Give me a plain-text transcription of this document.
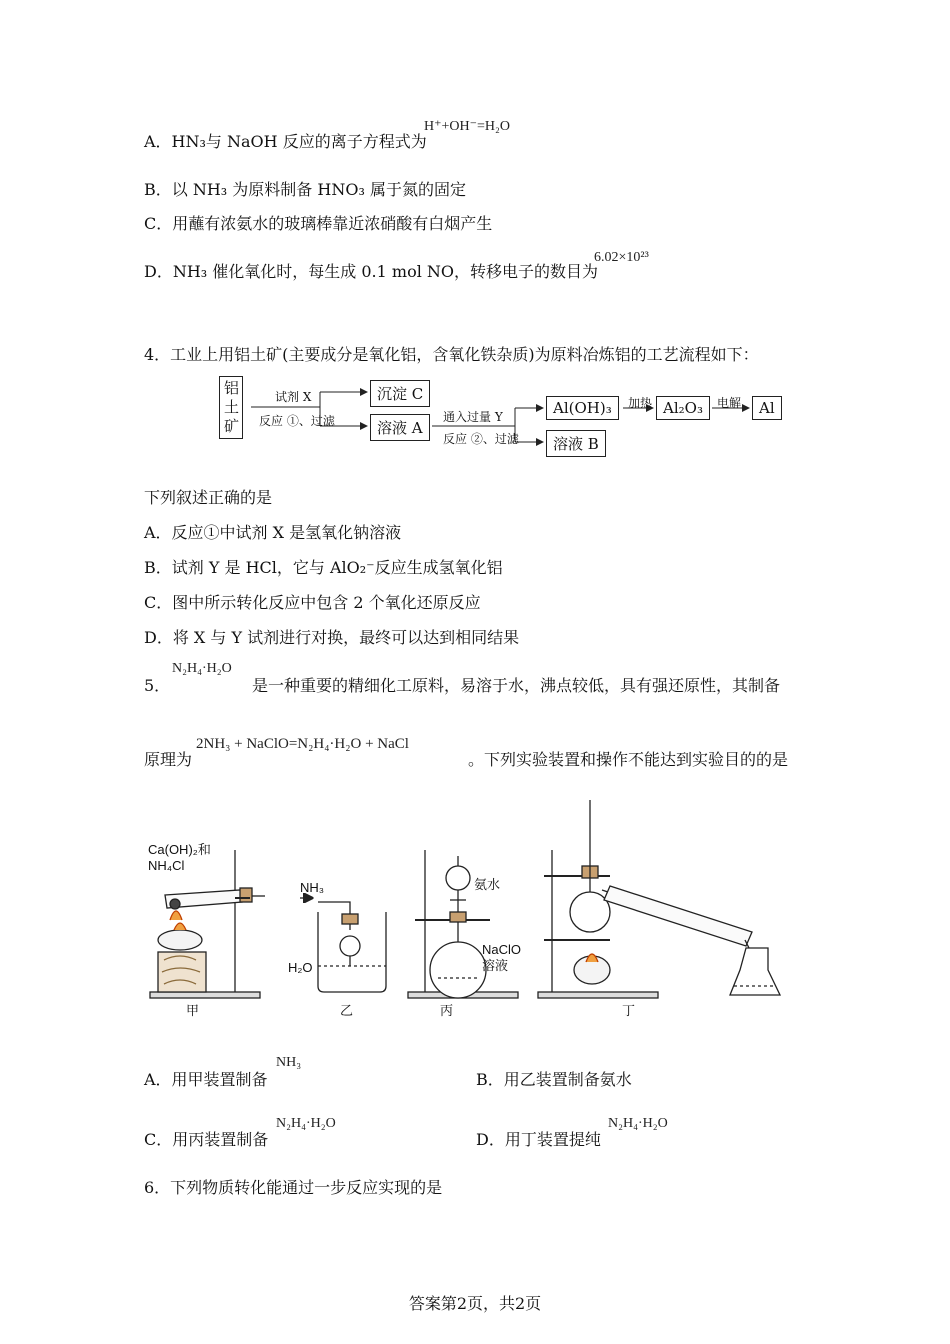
A．HN₃与 NaOH 反应的离子方程式为
H⁺+OH⁻=H₂O
B．以 NH₃ 为原料制备 HNO₃ 属于氮的固定
C．用蘸有浓氨水的玻璃棒靠近浓硝酸有白烟产生
D．NH₃ 催化氧化时，每生成 0.1 mol NO，转移电子的数目为
6.02×10²³
4．工业上用铝土矿(主要成分是氧化铝，含氧化铁杂质)为原料冶炼铝的工艺流程如下：
铝土矿
试剂 X
反应 ①、过滤
沉淀 C
溶液 A
通入过量 Y
反应 ②、过滤
Al(OH)₃
溶液 B
加热 Al₂O₃	电解	Al
下列叙述正确的是
A．反应①中试剂 X 是氢氧化钠溶液
B．试剂 Y 是 HCl，它与 AlO₂⁻反应生成氢氧化铝
C．图中所示转化反应中包含 2 个氧化还原反应
D．将 X 与 Y 试剂进行对换，最终可以达到相同结果
5．
N₂H₄·H₂O
是一种重要的精细化工原料，易溶于水，沸点较低，具有强还原性，其制备
原理为
2NH₃ + NaClO=N₂H₄·H₂O + NaCl
。下列实验装置和操作不能达到实验目的的是
Ca(OH)₂和 NH₄Cl
NH₃
H₂O
氨水
NaClO 溶液
甲	乙	丙	丁
A．用甲装置制备
NH₃
B．用乙装置制备氨水
C．用丙装置制备
N₂H₄·H₂O
D．用丁装置提纯
N₂H₄·H₂O
6．下列物质转化能通过一步反应实现的是
答案第2页，共2页
